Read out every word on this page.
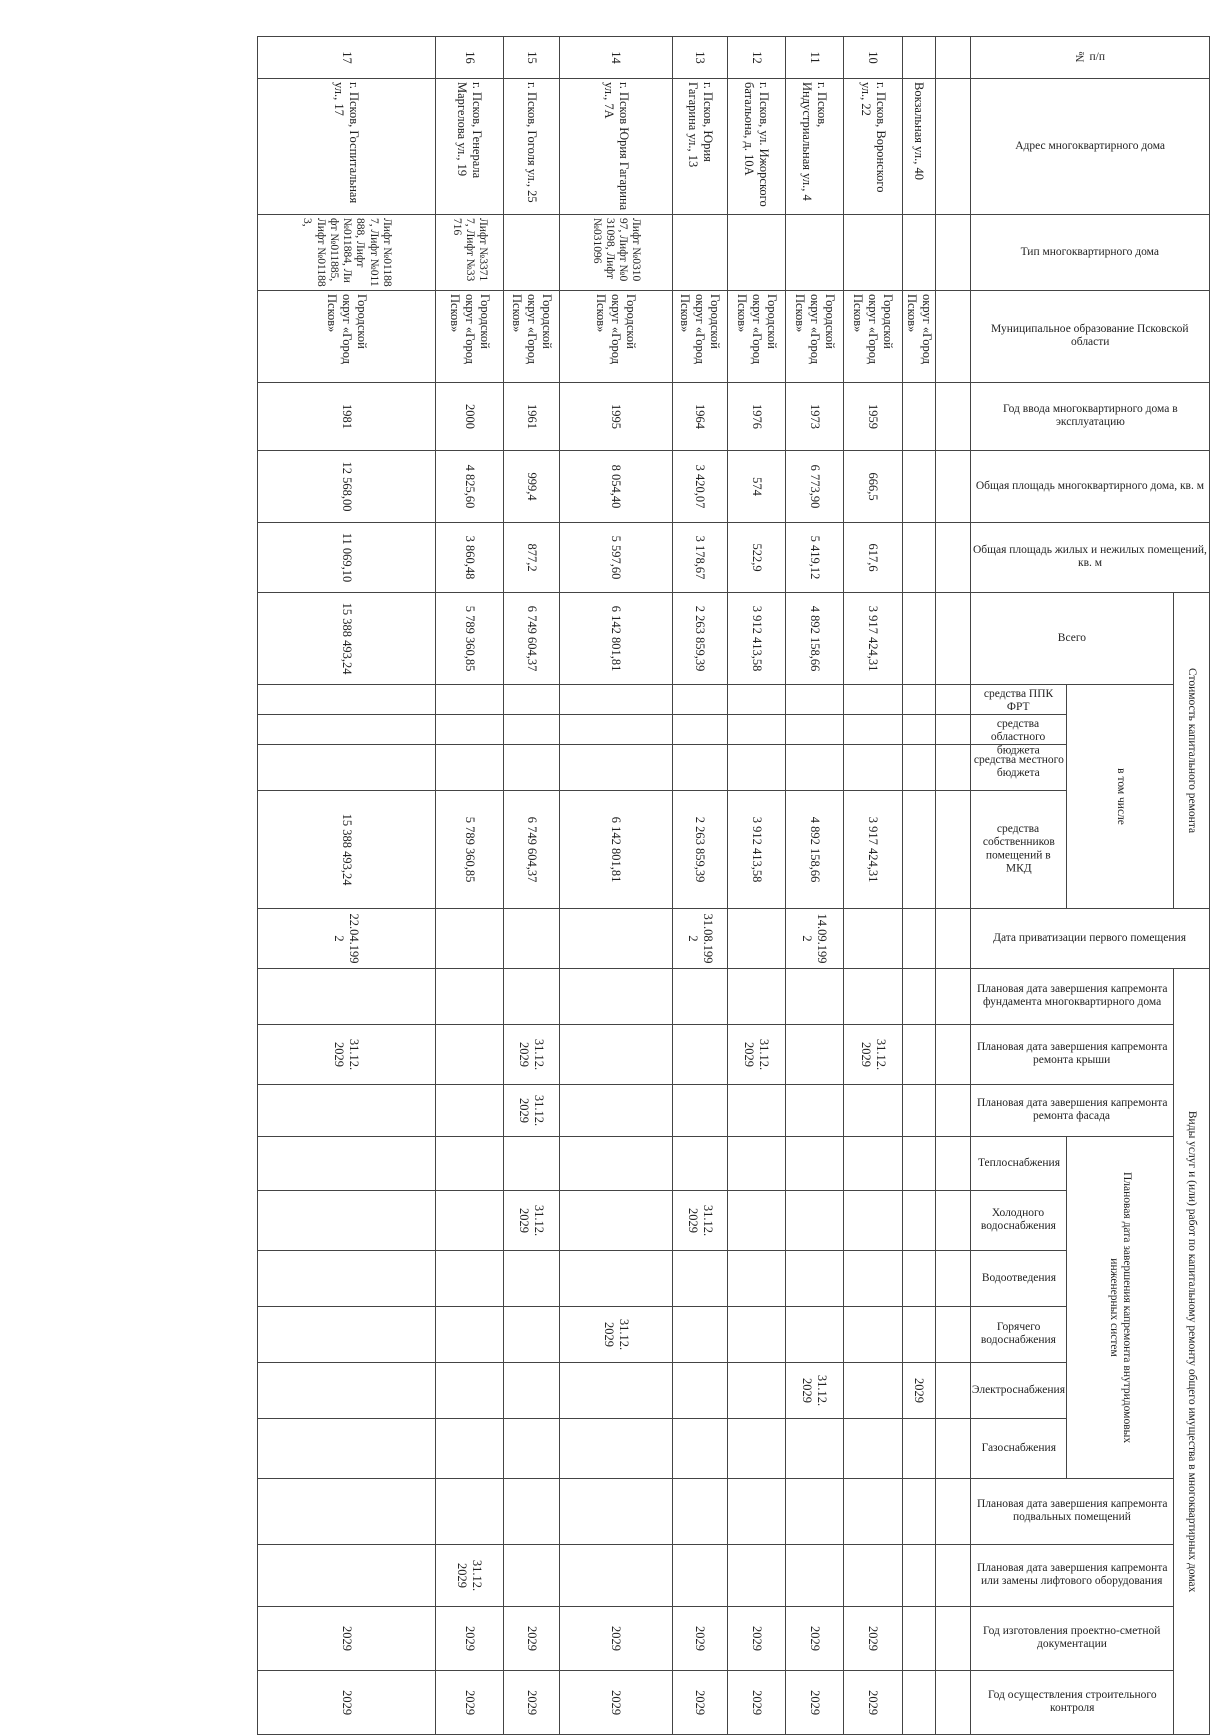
№ п/п	Адрес многоквартирного дома	Тип многоквартирного дома	Муниципальное образование Псковской области	Год ввода многоквартирного дома в эксплуатацию	Общая площадь многоквартирного дома, кв. м	Общая площадь жилых и нежилых помещений, кв. м	Стоимость капитального ремонта					Дата приватизации первого помещения	Виды услуг и (или) работ по капитальному ремонту общего имущества в многоквартирных домах												

							Всего	в том числе					Плановая дата завершения капремонта фундамента многоквартирного дома	Плановая дата завершения капремонта ремонта крыши	Плановая дата завершения капремонта ремонта фасада	Плановая дата завершения капремонта внутридомовых инженерных систем						Плановая дата завершения капремонта подвальных помещений	Плановая дата завершения капремонта или замены лифтового оборудования	Год изготовления проектно-сметной документации	Год осуществления строительного контроля

								средства ППК ФРТ	средства областного бюджета	средства местного бюджета	средства собственников помещений в МКД					Теплоснабжения	Холодного водоснабжения	Водоотведения	Горячего водоснабжения	Электроснабжения	Газоснабжения				

	Вокзальная ул., 40		округ «Город Псков»																	2029					
10	г. Псков, Воронского ул., 22		Городской округ «Город Псков»	1959	666,5	617,6	3 917 424,31				3 917 424,31			31.12. 2029										2029	2029
11	г. Псков, Индустриальная ул., 4		Городской округ «Город Псков»	1973	6 773,90	5 419,12	4 892 158,66				4 892 158,66	14.09.199 2								31.12. 2029				2029	2029
12	г. Псков, ул. Ижорского батальона, д. 10А		Городской округ «Город Псков»	1976	574	522,9	3 912 413,58				3 912 413,58			31.12. 2029										2029	2029
13	г. Псков, Юрия Гагарина ул., 13		Городской округ «Город Псков»	1964	3 420,07	3 178,67	2 263 859,39				2 263 859,39	31.08.199 2					31.12. 2029							2029	2029
14	г. Псков Юрия Гагарина ул., 7А	Лифт №031097, Лифт №031098, Лифт №031096	Городской округ «Город Псков»	1995	8 054,40	5 597,60	6 142 801,81				6 142 801,81								31.12. 2029					2029	2029
15	г. Псков, Гоголя ул., 25		Городской округ «Город Псков»	1961	999,4	877,2	6 749 604,37				6 749 604,37			31.12. 2029	31.12. 2029		31.12. 2029							2029	2029
16	г. Псков, Генерала Маргелова ул., 19	Лифт №33717, Лифт №33716	Городской округ «Город Псков»	2000	4 825,60	3 860,48	5 789 360,85				5 789 360,85												31.12. 2029	2029	2029
17	г. Псков, Госпитальная ул., 17	Лифт №011887, Лифт №011888, Лифт №011884, Лифт №011885, Лифт №011883,	Городской округ «Город Псков»	1981	12 568,00	11 069,10	15 388 493,24				15 388 493,24	22.04.199 2		31.12. 2029										2029	2029
